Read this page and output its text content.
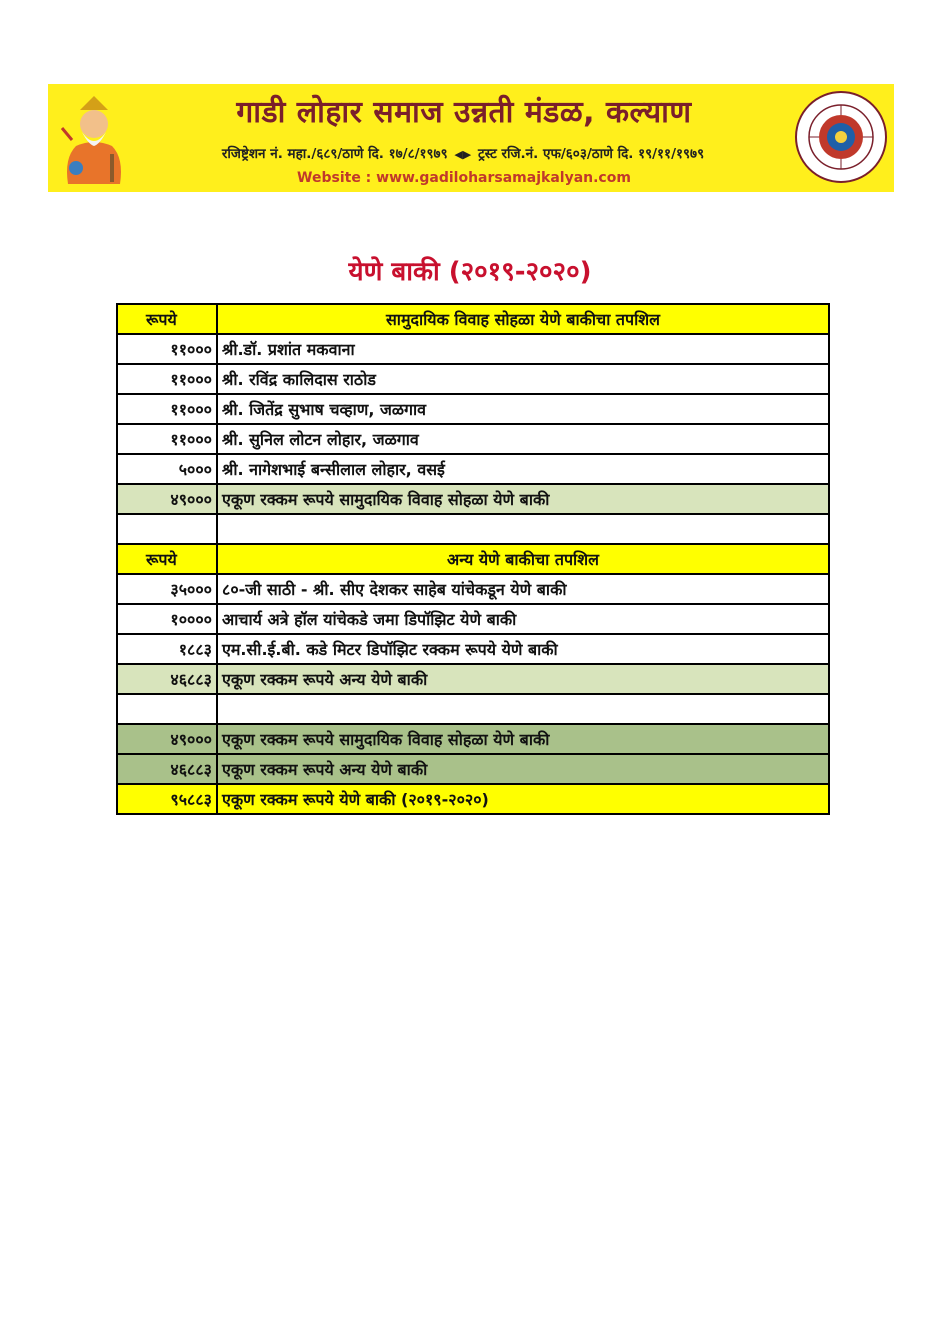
गाडी लोहार समाज उन्नती मंडळ, कल्याण
रजिष्ट्रेशन नं. महा./६८९/ठाणे दि. १७/८/१९७९ ◀▶ ट्रस्ट रजि.नं. एफ/६०३/ठाणे दि. १९/११/१९७९
Website : www.gadiloharsamajkalyan.com
येणे बाकी (२०१९-२०२०)
रूपये	सामुदायिक विवाह सोहळा येणे बाकीचा तपशिल
११०००	श्री.डॉ. प्रशांत मकवाना
११०००	श्री. रविंद्र कालिदास राठोड
११०००	श्री. जितेंद्र सुभाष चव्हाण, जळगाव
११०००	श्री. सुनिल लोटन लोहार, जळगाव
५०००	श्री. नागेशभाई बन्सीलाल लोहार, वसई
४९०००	एकूण रक्कम रूपये सामुदायिक विवाह सोहळा येणे बाकी

रूपये	अन्य येणे बाकीचा तपशिल
३५०००	८०-जी साठी - श्री. सीए देशकर साहेब यांचेकडून येणे बाकी
१००००	आचार्य अत्रे हॉल यांचेकडे जमा डिपॉझिट येणे बाकी
१८८३	एम.सी.ई.बी. कडे मिटर डिपॉझिट रक्कम रूपये येणे बाकी
४६८८३	एकूण रक्कम रूपये अन्य येणे बाकी

४९०००	एकूण रक्कम रूपये सामुदायिक विवाह सोहळा येणे बाकी
४६८८३	एकूण रक्कम रूपये अन्य येणे बाकी
९५८८३	एकूण रक्कम रूपये येणे बाकी (२०१९-२०२०)
